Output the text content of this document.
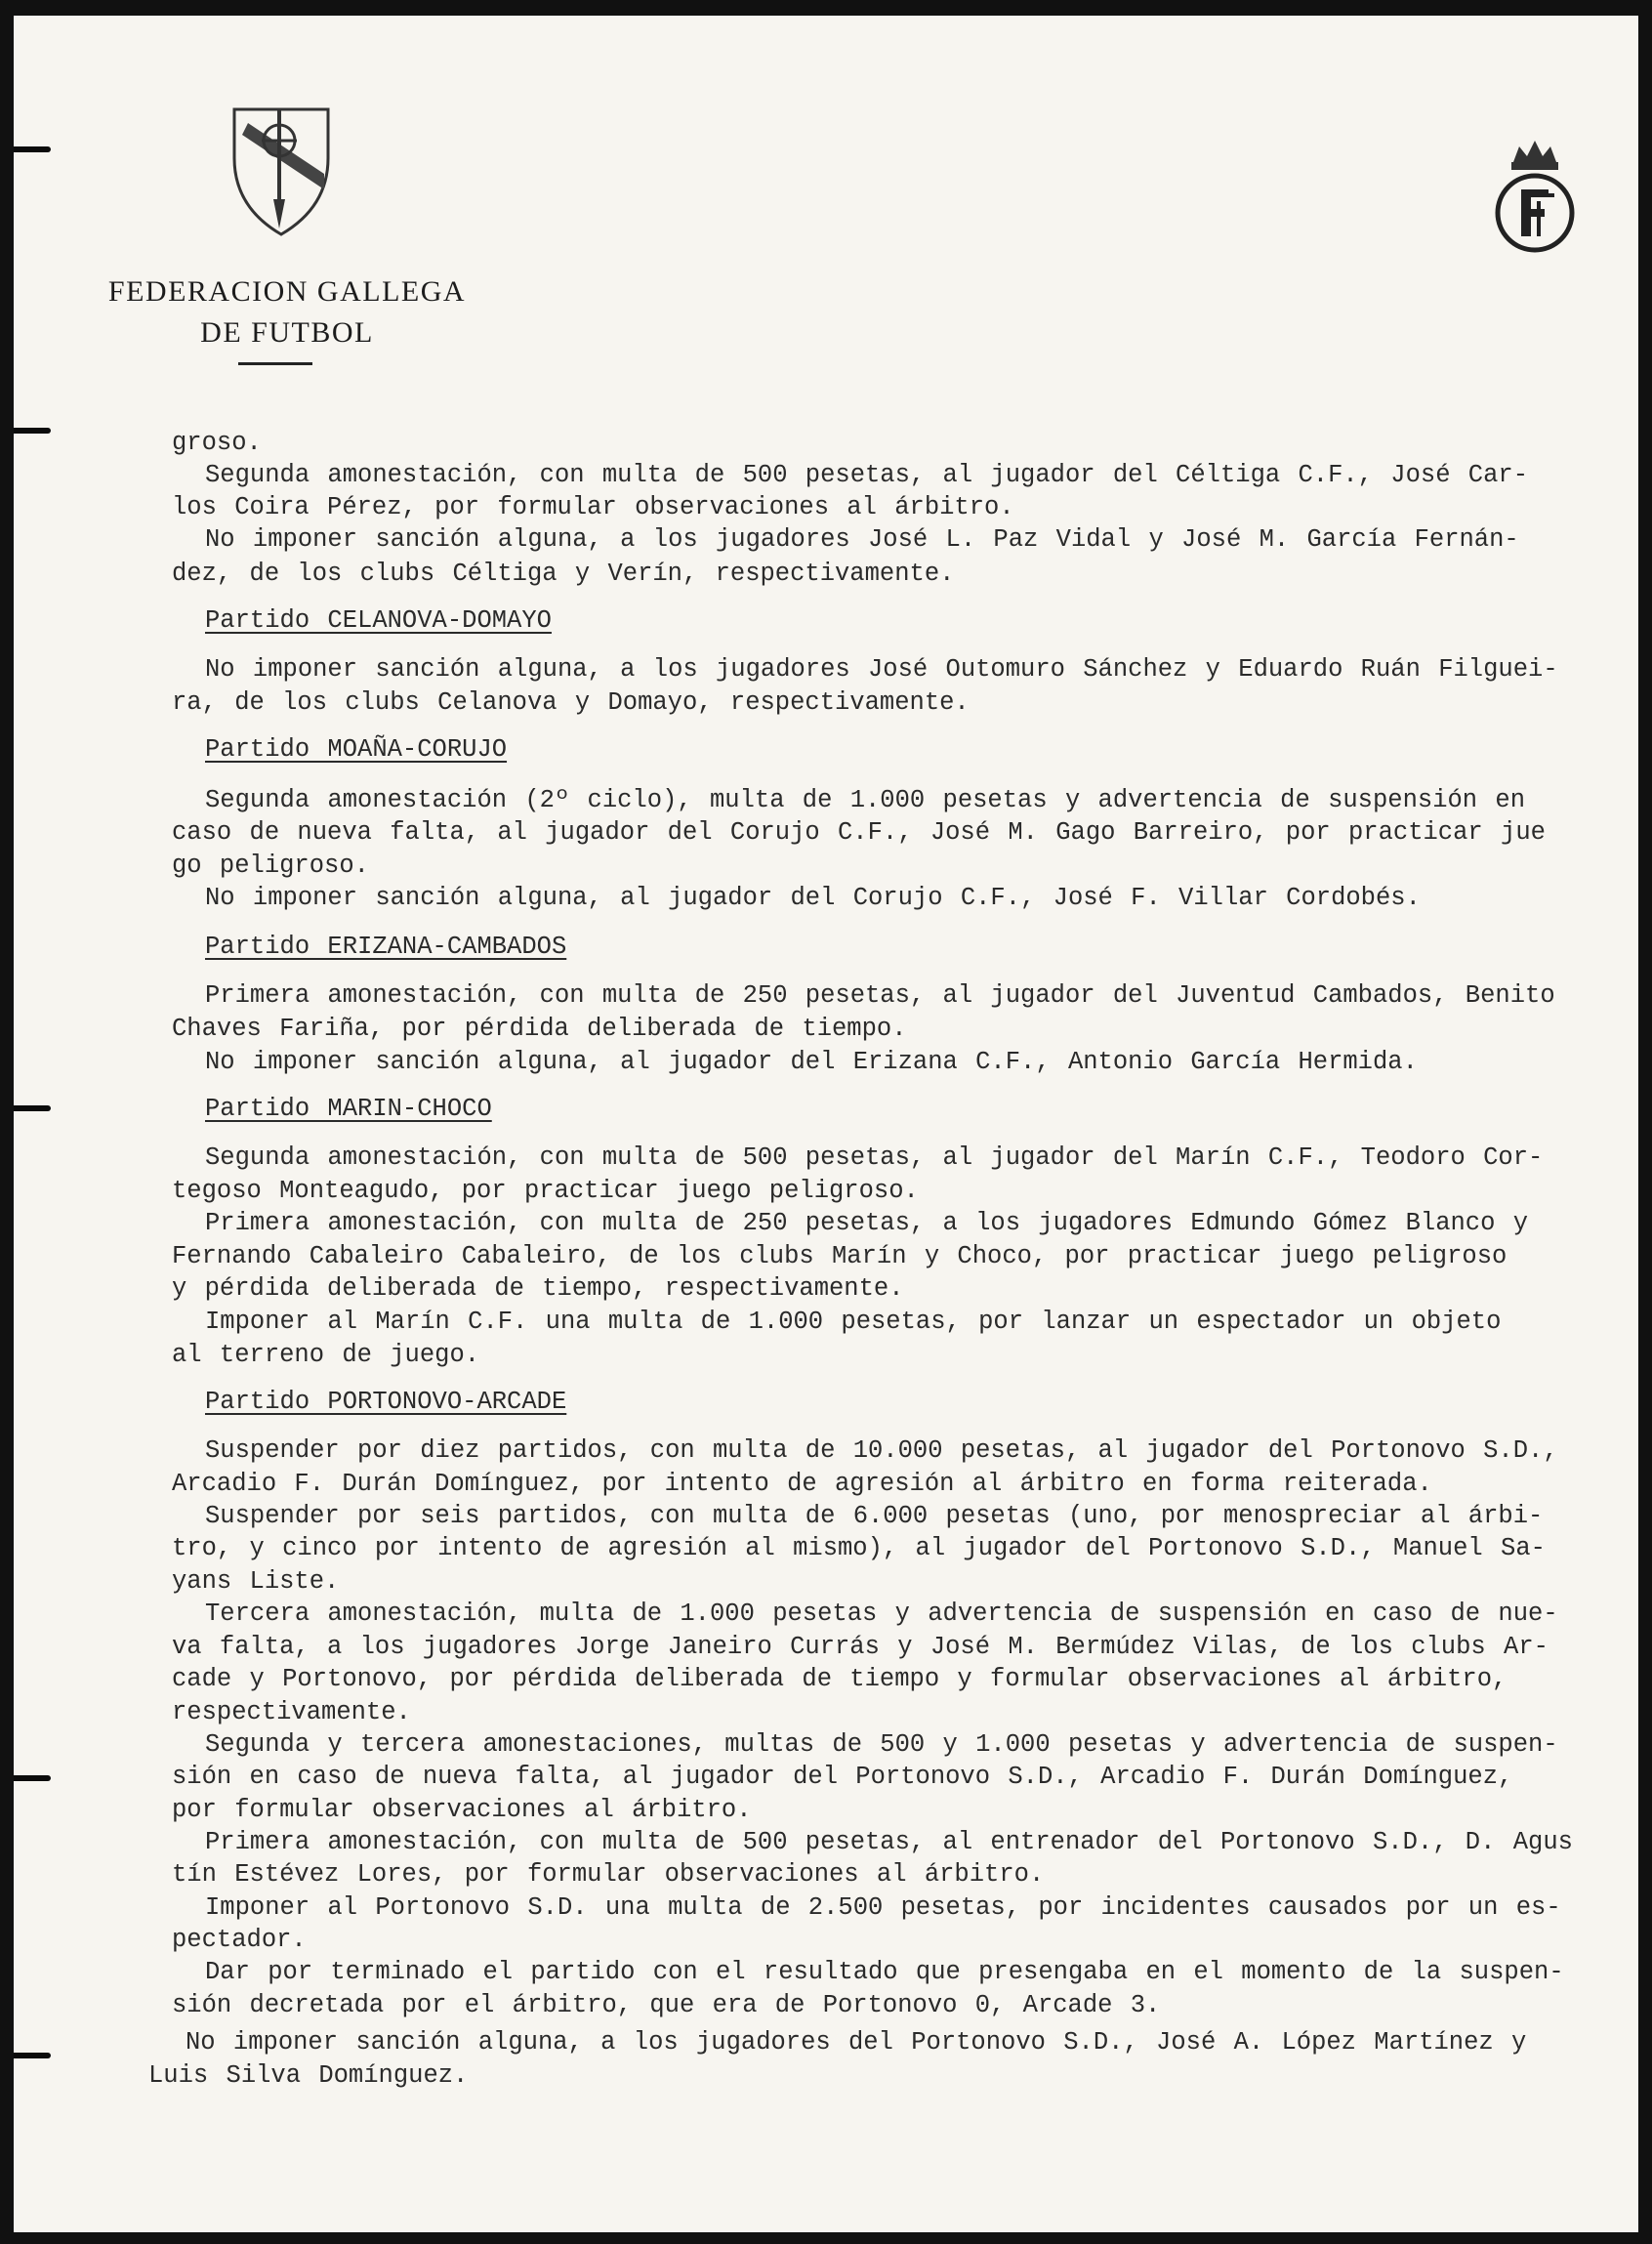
FEDERACION GALLEGA
DE FUTBOL
groso.
Segunda amonestación, con multa de 500 pesetas, al jugador del Céltiga C.F., José Car-
los Coira Pérez, por formular observaciones al árbitro.
No imponer sanción alguna, a los jugadores José L. Paz Vidal y José M. García Fernán-
dez, de los clubs Céltiga y Verín, respectivamente.
Partido CELANOVA-DOMAYO
No imponer sanción alguna, a los jugadores José Outomuro Sánchez y Eduardo Ruán Filguei-
ra, de los clubs Celanova y Domayo, respectivamente.
Partido MOAÑA-CORUJO
Segunda amonestación (2º ciclo), multa de 1.000 pesetas y advertencia de suspensión en
caso de nueva falta, al jugador del Corujo C.F., José M. Gago Barreiro, por practicar jue
go peligroso.
No imponer sanción alguna, al jugador del Corujo C.F., José F. Villar Cordobés.
Partido ERIZANA-CAMBADOS
Primera amonestación, con multa de 250 pesetas, al jugador del Juventud Cambados, Benito
Chaves Fariña, por pérdida deliberada de tiempo.
No imponer sanción alguna, al jugador del Erizana C.F., Antonio García Hermida.
Partido MARIN-CHOCO
Segunda amonestación, con multa de 500 pesetas, al jugador del Marín C.F., Teodoro Cor-
tegoso Monteagudo, por practicar juego peligroso.
Primera amonestación, con multa de 250 pesetas, a los jugadores Edmundo Gómez Blanco y
Fernando Cabaleiro Cabaleiro, de los clubs Marín y Choco, por practicar juego peligroso
y pérdida deliberada de tiempo, respectivamente.
Imponer al Marín C.F. una multa de 1.000 pesetas, por lanzar un espectador un objeto
al terreno de juego.
Partido PORTONOVO-ARCADE
Suspender por diez partidos, con multa de 10.000 pesetas, al jugador del Portonovo S.D.,
Arcadio F. Durán Domínguez, por intento de agresión al árbitro en forma reiterada.
Suspender por seis partidos, con multa de 6.000 pesetas (uno, por menospreciar al árbi-
tro, y cinco por intento de agresión al mismo), al jugador del Portonovo S.D., Manuel Sa-
yans Liste.
Tercera amonestación, multa de 1.000 pesetas y advertencia de suspensión en caso de nue-
va falta, a los jugadores Jorge Janeiro Currás y José M. Bermúdez Vilas, de los clubs Ar-
cade y Portonovo, por pérdida deliberada de tiempo y formular observaciones al árbitro,
respectivamente.
Segunda y tercera amonestaciones, multas de 500 y 1.000 pesetas y advertencia de suspen-
sión en caso de nueva falta, al jugador del Portonovo S.D., Arcadio F. Durán Domínguez,
por formular observaciones al árbitro.
Primera amonestación, con multa de 500 pesetas, al entrenador del Portonovo S.D., D. Agus
tín Estévez Lores, por formular observaciones al árbitro.
Imponer al Portonovo S.D. una multa de 2.500 pesetas, por incidentes causados por un es-
pectador.
Dar por terminado el partido con el resultado que presengaba en el momento de la suspen-
sión decretada por el árbitro, que era de Portonovo 0, Arcade 3.
No imponer sanción alguna, a los jugadores del Portonovo S.D., José A. López Martínez y
Luis Silva Domínguez.
